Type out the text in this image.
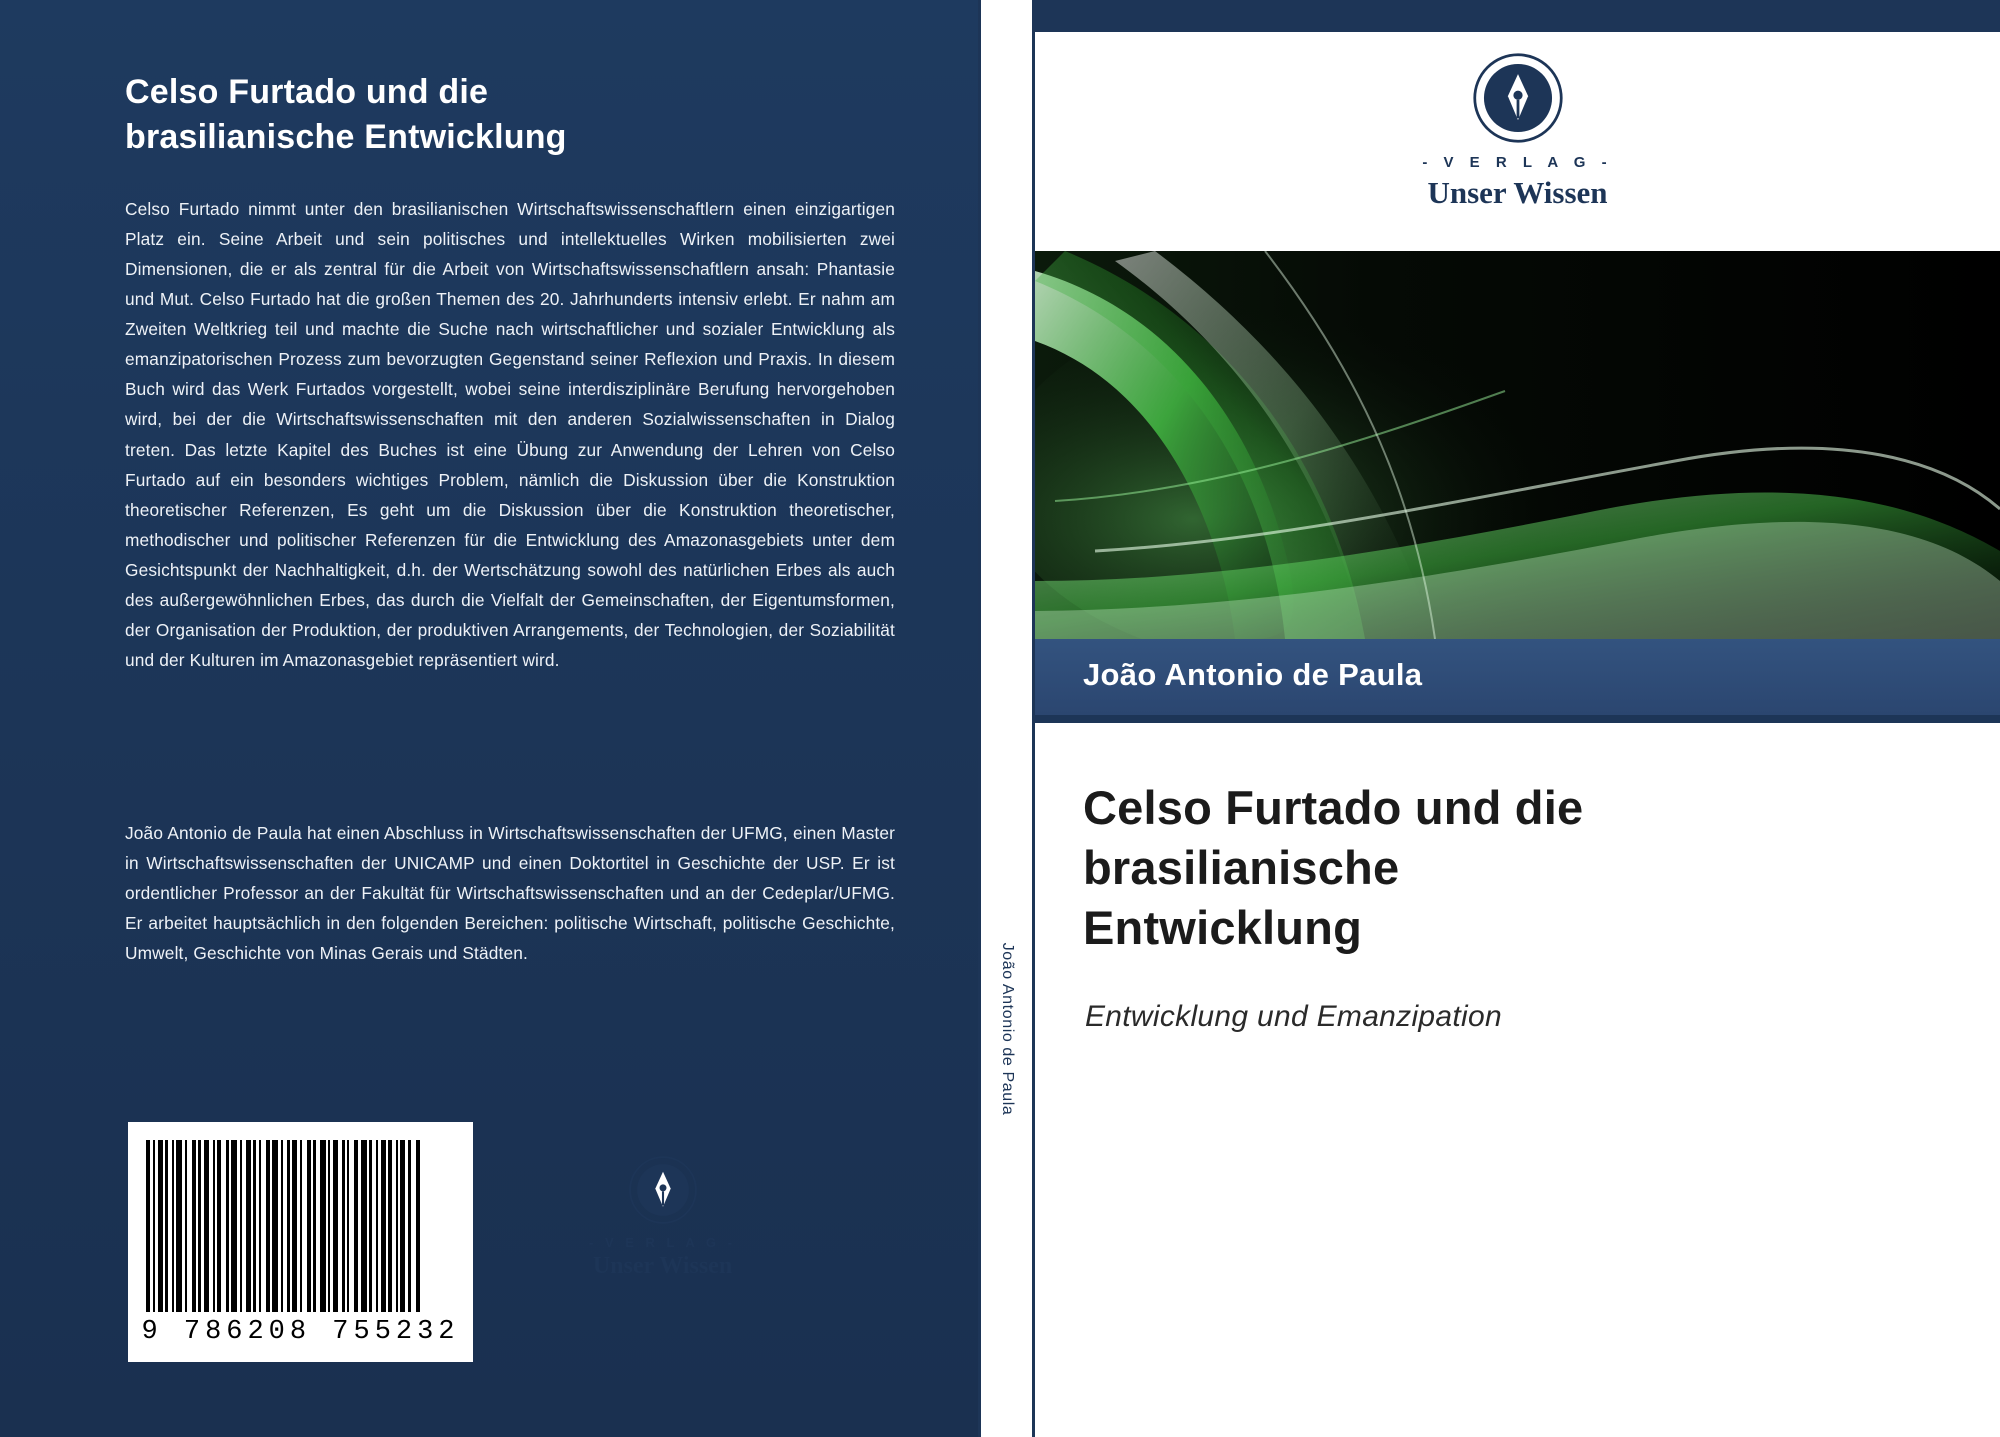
Celso Furtado und die
brasilianische Entwicklung

Celso Furtado nimmt unter den brasilianischen Wirtschaftswissenschaftlern einen einzigartigen Platz ein. Seine Arbeit und sein politisches und intellektuelles Wirken mobilisierten zwei Dimensionen, die er als zentral für die Arbeit von Wirtschaftswissenschaftlern ansah: Phantasie und Mut. Celso Furtado hat die großen Themen des 20. Jahrhunderts intensiv erlebt. Er nahm am Zweiten Weltkrieg teil und machte die Suche nach wirtschaftlicher und sozialer Entwicklung als emanzipatorischen Prozess zum bevorzugten Gegenstand seiner Reflexion und Praxis. In diesem Buch wird das Werk Furtados vorgestellt, wobei seine interdisziplinäre Berufung hervorgehoben wird, bei der die Wirtschaftswissenschaften mit den anderen Sozialwissenschaften in Dialog treten. Das letzte Kapitel des Buches ist eine Übung zur Anwendung der Lehren von Celso Furtado auf ein besonders wichtiges Problem, nämlich die Diskussion über die Konstruktion theoretischer Referenzen, Es geht um die Diskussion über die Konstruktion theoretischer, methodischer und politischer Referenzen für die Entwicklung des Amazonasgebiets unter dem Gesichtspunkt der Nachhaltigkeit, d.h. der Wertschätzung sowohl des natürlichen Erbes als auch des außergewöhnlichen Erbes, das durch die Vielfalt der Gemeinschaften, der Eigentumsformen, der Organisation der Produktion, der produktiven Arrangements, der Technologien, der Soziabilität und der Kulturen im Amazonasgebiet repräsentiert wird.

João Antonio de Paula hat einen Abschluss in Wirtschaftswissenschaften der UFMG, einen Master in Wirtschaftswissenschaften der UNICAMP und einen Doktortitel in Geschichte der USP. Er ist ordentlicher Professor an der Fakultät für Wirtschaftswissenschaften und an der Cedeplar/UFMG. Er arbeitet hauptsächlich in den folgenden Bereichen: politische Wirtschaft, politische Geschichte, Umwelt, Geschichte von Minas Gerais und Städten.
9 786208 755232
- V E R L A G -
Unser Wissen
João Antonio de Paula
- V E R L A G -
Unser Wissen
João Antonio de Paula
Celso Furtado und die
brasilianische
Entwicklung
Entwicklung und Emanzipation
